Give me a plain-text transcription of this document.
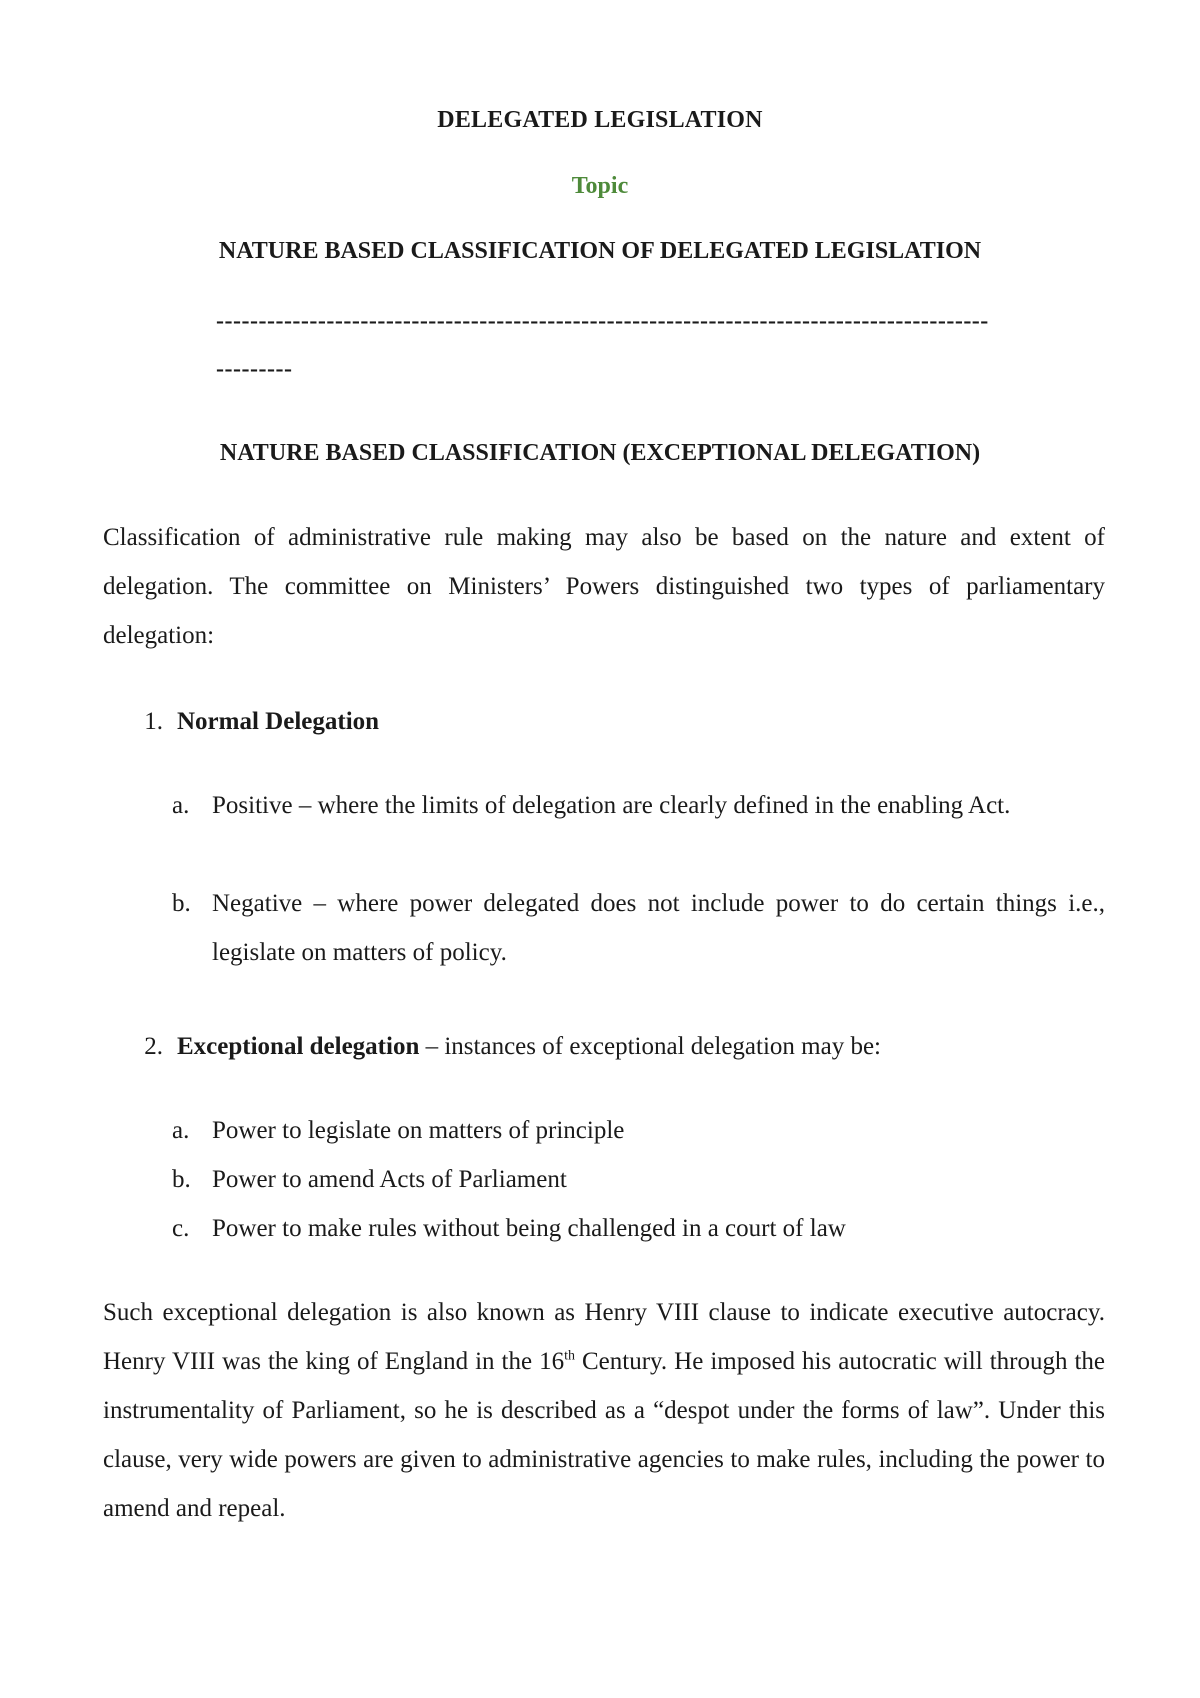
DELEGATED LEGISLATION

Topic

NATURE BASED CLASSIFICATION OF DELEGATED LEGISLATION

-------------------------------------------------------------------------------------------

---------

NATURE BASED CLASSIFICATION (EXCEPTIONAL DELEGATION)

Classification of administrative rule making may also be based on the nature and extent of delegation. The committee on Ministers’ Powers distinguished two types of parliamentary delegation:

1. Normal Delegation

a. Positive – where the limits of delegation are clearly defined in the enabling Act.
b. Negative – where power delegated does not include power to do certain things i.e., legislate on matters of policy.

2. Exceptional delegation – instances of exceptional delegation may be:

a. Power to legislate on matters of principle
b. Power to amend Acts of Parliament
c. Power to make rules without being challenged in a court of law

Such exceptional delegation is also known as Henry VIII clause to indicate executive autocracy. Henry VIII was the king of England in the 16th Century. He imposed his autocratic will through the instrumentality of Parliament, so he is described as a “despot under the forms of law”. Under this clause, very wide powers are given to administrative agencies to make rules, including the power to amend and repeal.
